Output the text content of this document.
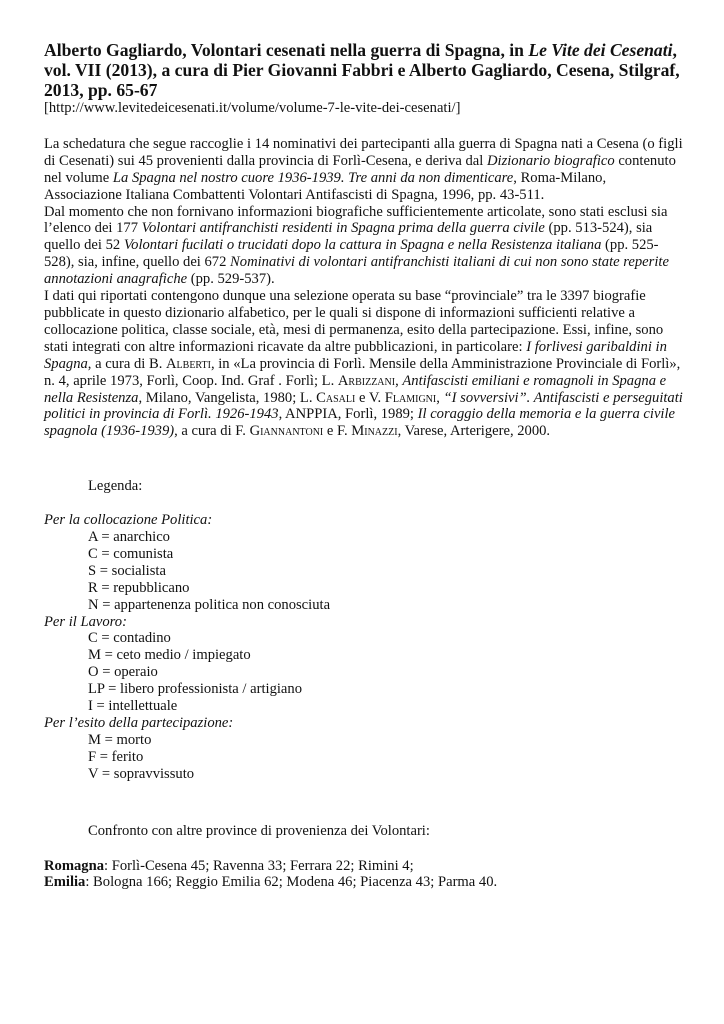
Alberto Gagliardo, Volontari cesenati nella guerra di Spagna, in Le Vite dei Cesenati, vol. VII (2013), a cura di Pier Giovanni Fabbri e Alberto Gagliardo, Cesena, Stilgraf, 2013, pp. 65-67

[http://www.levitedeicesenati.it/volume/volume-7-le-vite-dei-cesenati/]

La schedatura che segue raccoglie i 14 nominativi dei partecipanti alla guerra di Spagna nati a Cesena (o figli di Cesenati) sui 45 provenienti dalla provincia di Forlì-Cesena, e deriva dal Dizionario biografico contenuto nel volume La Spagna nel nostro cuore 1936-1939. Tre anni da non dimenticare, Roma-Milano, Associazione Italiana Combattenti Volontari Antifascisti di Spagna, 1996, pp. 43-511.

Dal momento che non fornivano informazioni biografiche sufficientemente articolate, sono stati esclusi sia l’elenco dei 177 Volontari antifranchisti residenti in Spagna prima della guerra civile (pp. 513-524), sia quello dei 52 Volontari fucilati o trucidati dopo la cattura in Spagna e nella Resistenza italiana (pp. 525-528), sia, infine, quello dei 672 Nominativi di volontari antifranchisti italiani di cui non sono state reperite annotazioni anagrafiche (pp. 529-537).

I dati qui riportati contengono dunque una selezione operata su base “provinciale” tra le 3397 biografie pubblicate in questo dizionario alfabetico, per le quali si dispone di informazioni sufficienti relative a collocazione politica, classe sociale, età, mesi di permanenza, esito della partecipazione. Essi, infine, sono stati integrati con altre informazioni ricavate da altre pubblicazioni, in particolare: I forlivesi garibaldini in Spagna, a cura di B. Alberti, in «La provincia di Forlì. Mensile della Amministrazione Provinciale di Forlì», n. 4, aprile 1973, Forlì, Coop. Ind. Graf . Forlì; L. Arbizzani, Antifascisti emiliani e romagnoli in Spagna e nella Resistenza, Milano, Vangelista, 1980; L. Casali e V. Flamigni, “I sovversivi”. Antifascisti e perseguitati politici in provincia di Forlì. 1926-1943, ANPPIA, Forlì, 1989; Il coraggio della memoria e la guerra civile spagnola (1936-1939), a cura di F. Giannantoni e F. Minazzi, Varese, Arterigere, 2000.

Legenda:

Per la collocazione Politica:

A = anarchico

C = comunista

S = socialista

R = repubblicano

N = appartenenza politica non conosciuta

Per il Lavoro:

C = contadino

M = ceto medio / impiegato

O = operaio

LP = libero professionista / artigiano

I = intellettuale

Per l’esito della partecipazione:

M = morto

F = ferito

V = sopravvissuto

Confronto con altre province di provenienza dei Volontari:

Romagna: Forlì-Cesena 45; Ravenna 33; Ferrara 22; Rimini 4;

Emilia: Bologna 166; Reggio Emilia 62; Modena 46; Piacenza 43; Parma 40.
